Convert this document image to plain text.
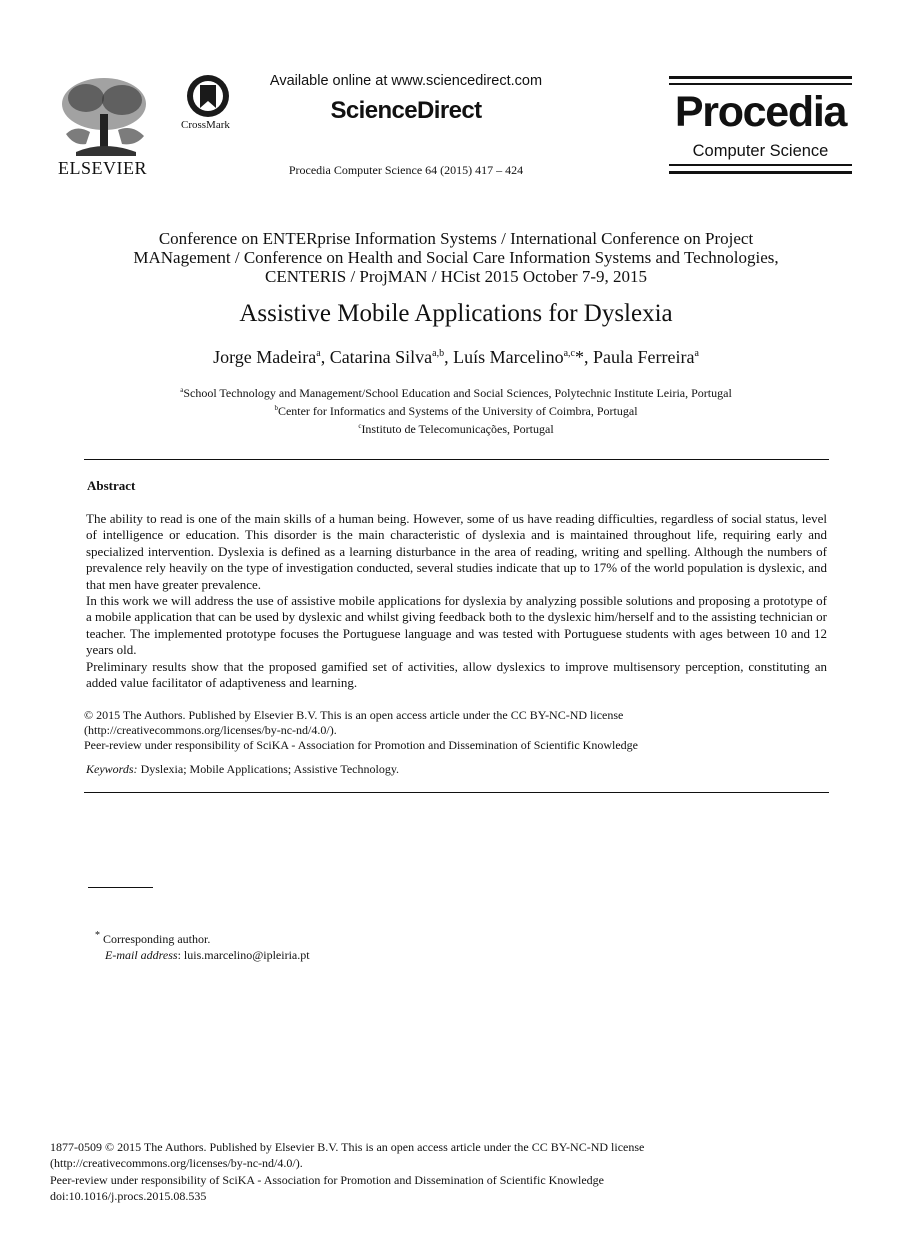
ELSEVIER
CrossMark
Available online at www.sciencedirect.com
ScienceDirect
Procedia Computer Science 64 (2015) 417 – 424
Procedia
Computer Science
Conference on ENTERprise Information Systems / International Conference on Project
MANagement / Conference on Health and Social Care Information Systems and Technologies,
CENTERIS / ProjMAN / HCist 2015 October 7-9, 2015
Assistive Mobile Applications for Dyslexia
Jorge Madeira$^a$, Catarina Silva$^{a,b}$, Luís Marcelino$^{a,c}$*, Paula Ferreira$^a$
$^a$School Technology and Management/School Education and Social Sciences, Polytechnic Institute Leiria, Portugal
$^b$Center for Informatics and Systems of the University of Coimbra, Portugal
$^c$Instituto de Telecomunicações, Portugal
Abstract

The ability to read is one of the main skills of a human being. However, some of us have reading difficulties, regardless of social status, level of intelligence or education. This disorder is the main characteristic of dyslexia and is maintained throughout life, requiring early and specialized intervention. Dyslexia is defined as a learning disturbance in the area of reading, writing and spelling. Although the numbers of prevalence rely heavily on the type of investigation conducted, several studies indicate that up to 17% of the world population is dyslexic, and that men have greater prevalence.

In this work we will address the use of assistive mobile applications for dyslexia by analyzing possible solutions and proposing a prototype of a mobile application that can be used by dyslexic and whilst giving feedback both to the dyslexic him/herself and to the assisting technician or teacher. The implemented prototype focuses the Portuguese language and was tested with Portuguese students with ages between 10 and 12 years old.

Preliminary results show that the proposed gamified set of activities, allow dyslexics to improve multisensory perception, constituting an added value facilitator of adaptiveness and learning.

© 2015 The Authors. Published by Elsevier B.V. This is an open access article under the CC BY-NC-ND license

(http://creativecommons.org/licenses/by-nc-nd/4.0/).

Peer-review under responsibility of SciKA - Association for Promotion and Dissemination of Scientific Knowledge

Keywords: Dyslexia; Mobile Applications; Assistive Technology.

* Corresponding author.

E-mail address: luis.marcelino@ipleiria.pt

1877-0509 © 2015 The Authors. Published by Elsevier B.V. This is an open access article under the CC BY-NC-ND license

(http://creativecommons.org/licenses/by-nc-nd/4.0/).

Peer-review under responsibility of SciKA - Association for Promotion and Dissemination of Scientific Knowledge

doi:10.1016/j.procs.2015.08.535
